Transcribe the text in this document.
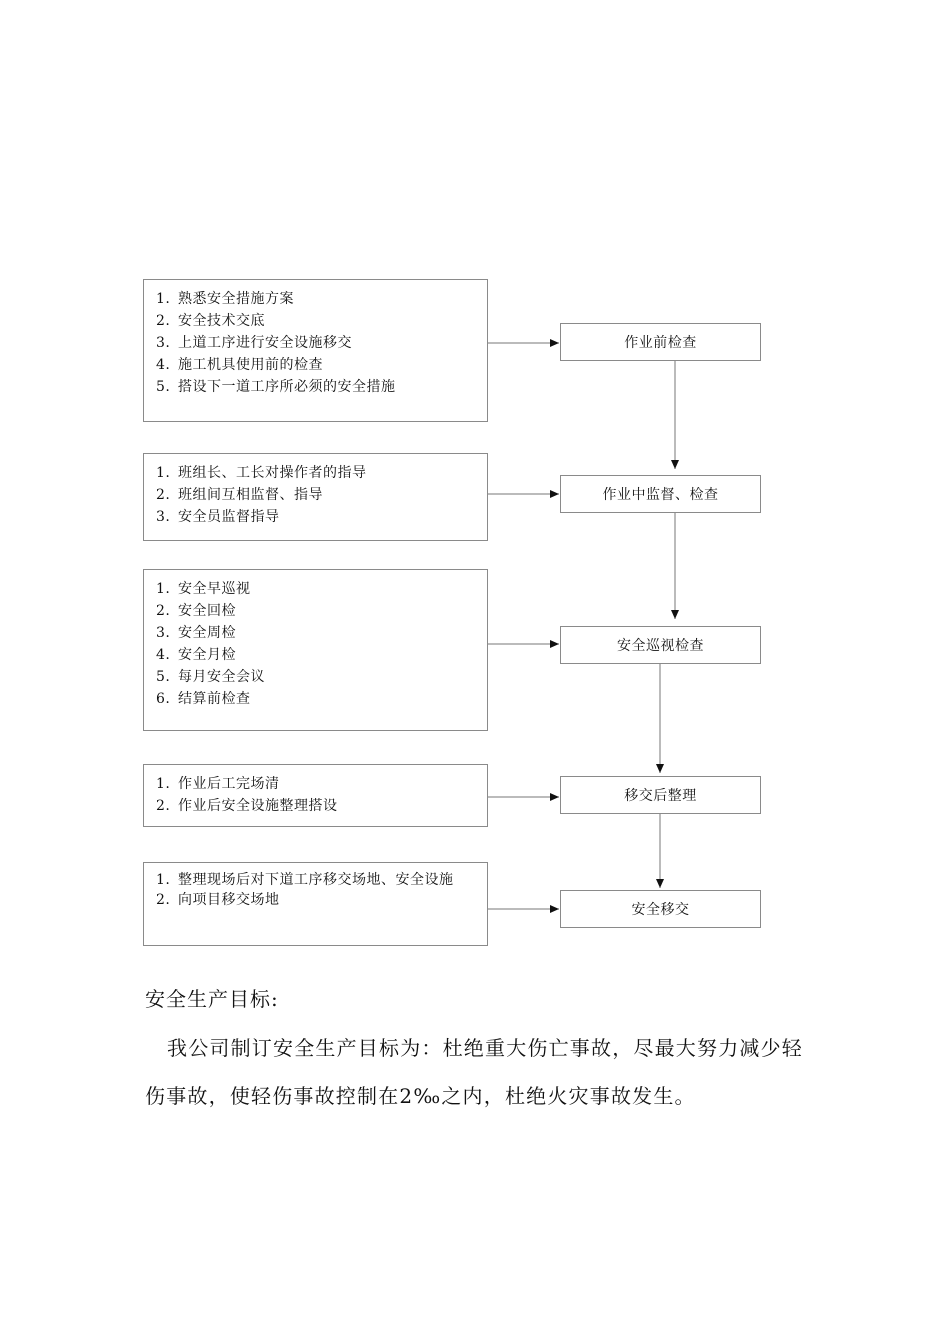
1. 熟悉安全措施方案
2. 安全技术交底
3. 上道工序进行安全设施移交
4. 施工机具使用前的检查
5. 搭设下一道工序所必须的安全措施
1. 班组长、工长对操作者的指导
2. 班组间互相监督、指导
3. 安全员监督指导
1. 安全早巡视
2. 安全回检
3. 安全周检
4. 安全月检
5. 每月安全会议
6. 结算前检查
1. 作业后工完场清
2. 作业后安全设施整理搭设
1. 整理现场后对下道工序移交场地、安全设施
2. 向项目移交场地
作业前检查
作业中监督、检查
安全巡视检查
移交后整理
安全移交
安全生产目标:
我公司制订安全生产目标为：杜绝重大伤亡事故，尽最大努力减少轻伤事故，使轻伤事故控制在2‰之内，杜绝火灾事故发生。
